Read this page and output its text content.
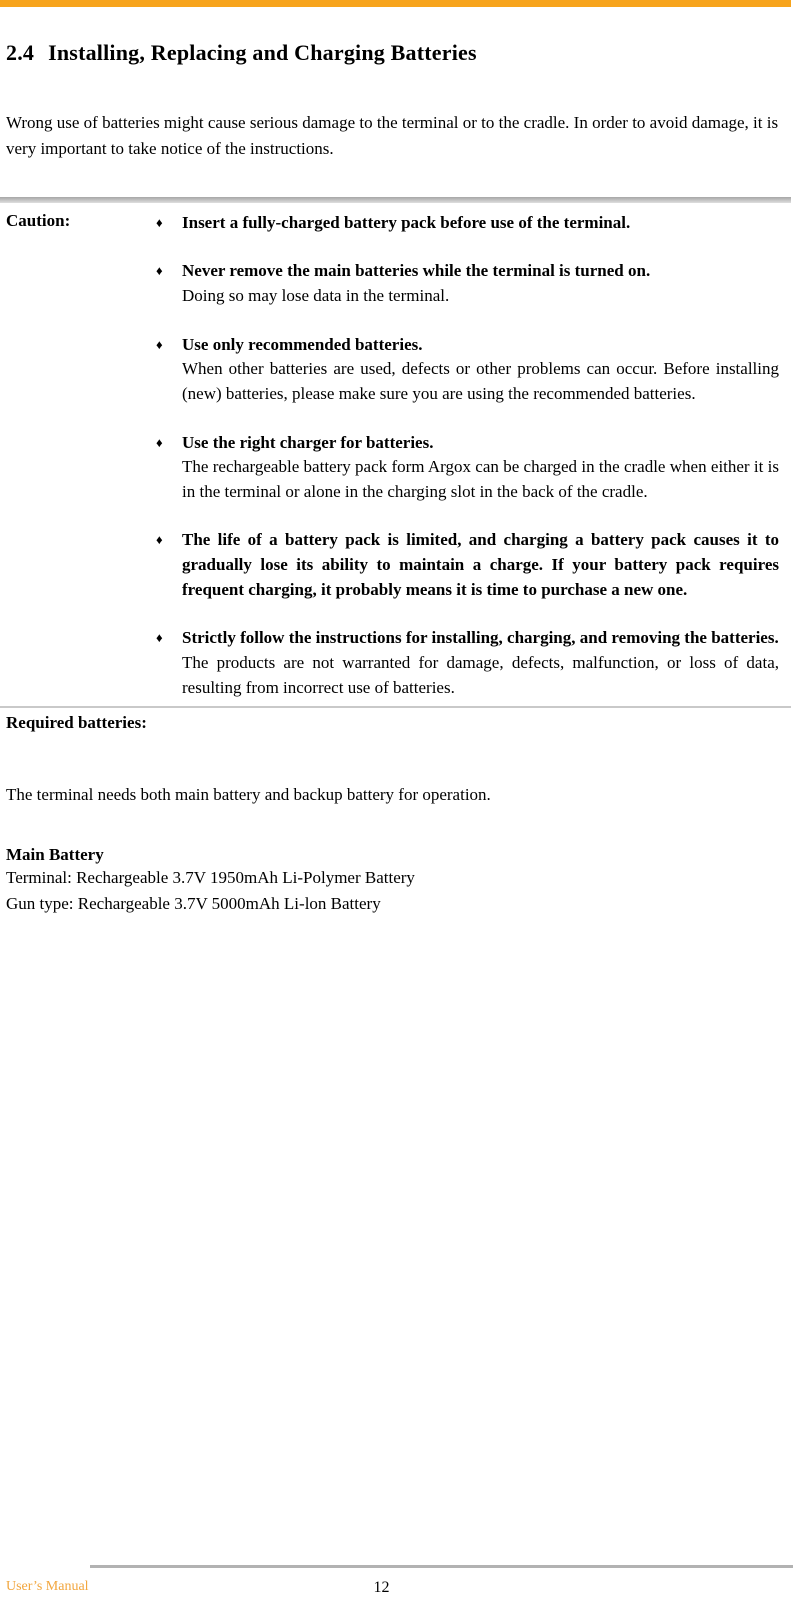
2.4 Installing, Replacing and Charging Batteries

Wrong use of batteries might cause serious damage to the terminal or to the cradle. In order to avoid damage, it is very important to take notice of the instructions.

Caution:	♦	Insert a fully-charged battery pack before use of the terminal.
♦	Never remove the main batteries while the terminal is turned on.
Doing so may lose data in the terminal.
♦	Use only recommended batteries.
When other batteries are used, defects or other problems can occur. Before installing (new) batteries, please make sure you are using the recommended batteries.
♦	Use the right charger for batteries.
The rechargeable battery pack form Argox can be charged in the cradle when either it is in the terminal or alone in the charging slot in the back of the cradle.
♦	The life of a battery pack is limited, and charging a battery pack causes it to gradually lose its ability to maintain a charge. If your battery pack requires frequent charging, it probably means it is time to purchase a new one.
♦	Strictly follow the instructions for installing, charging, and removing the batteries.
The products are not warranted for damage, defects, malfunction, or loss of data, resulting from incorrect use of batteries.
Required batteries:

The terminal needs both main battery and backup battery for operation.

Main Battery
Terminal: Rechargeable 3.7V 1950mAh Li-Polymer Battery
Gun type: Rechargeable 3.7V 5000mAh Li-lon Battery
User’s Manual	12
